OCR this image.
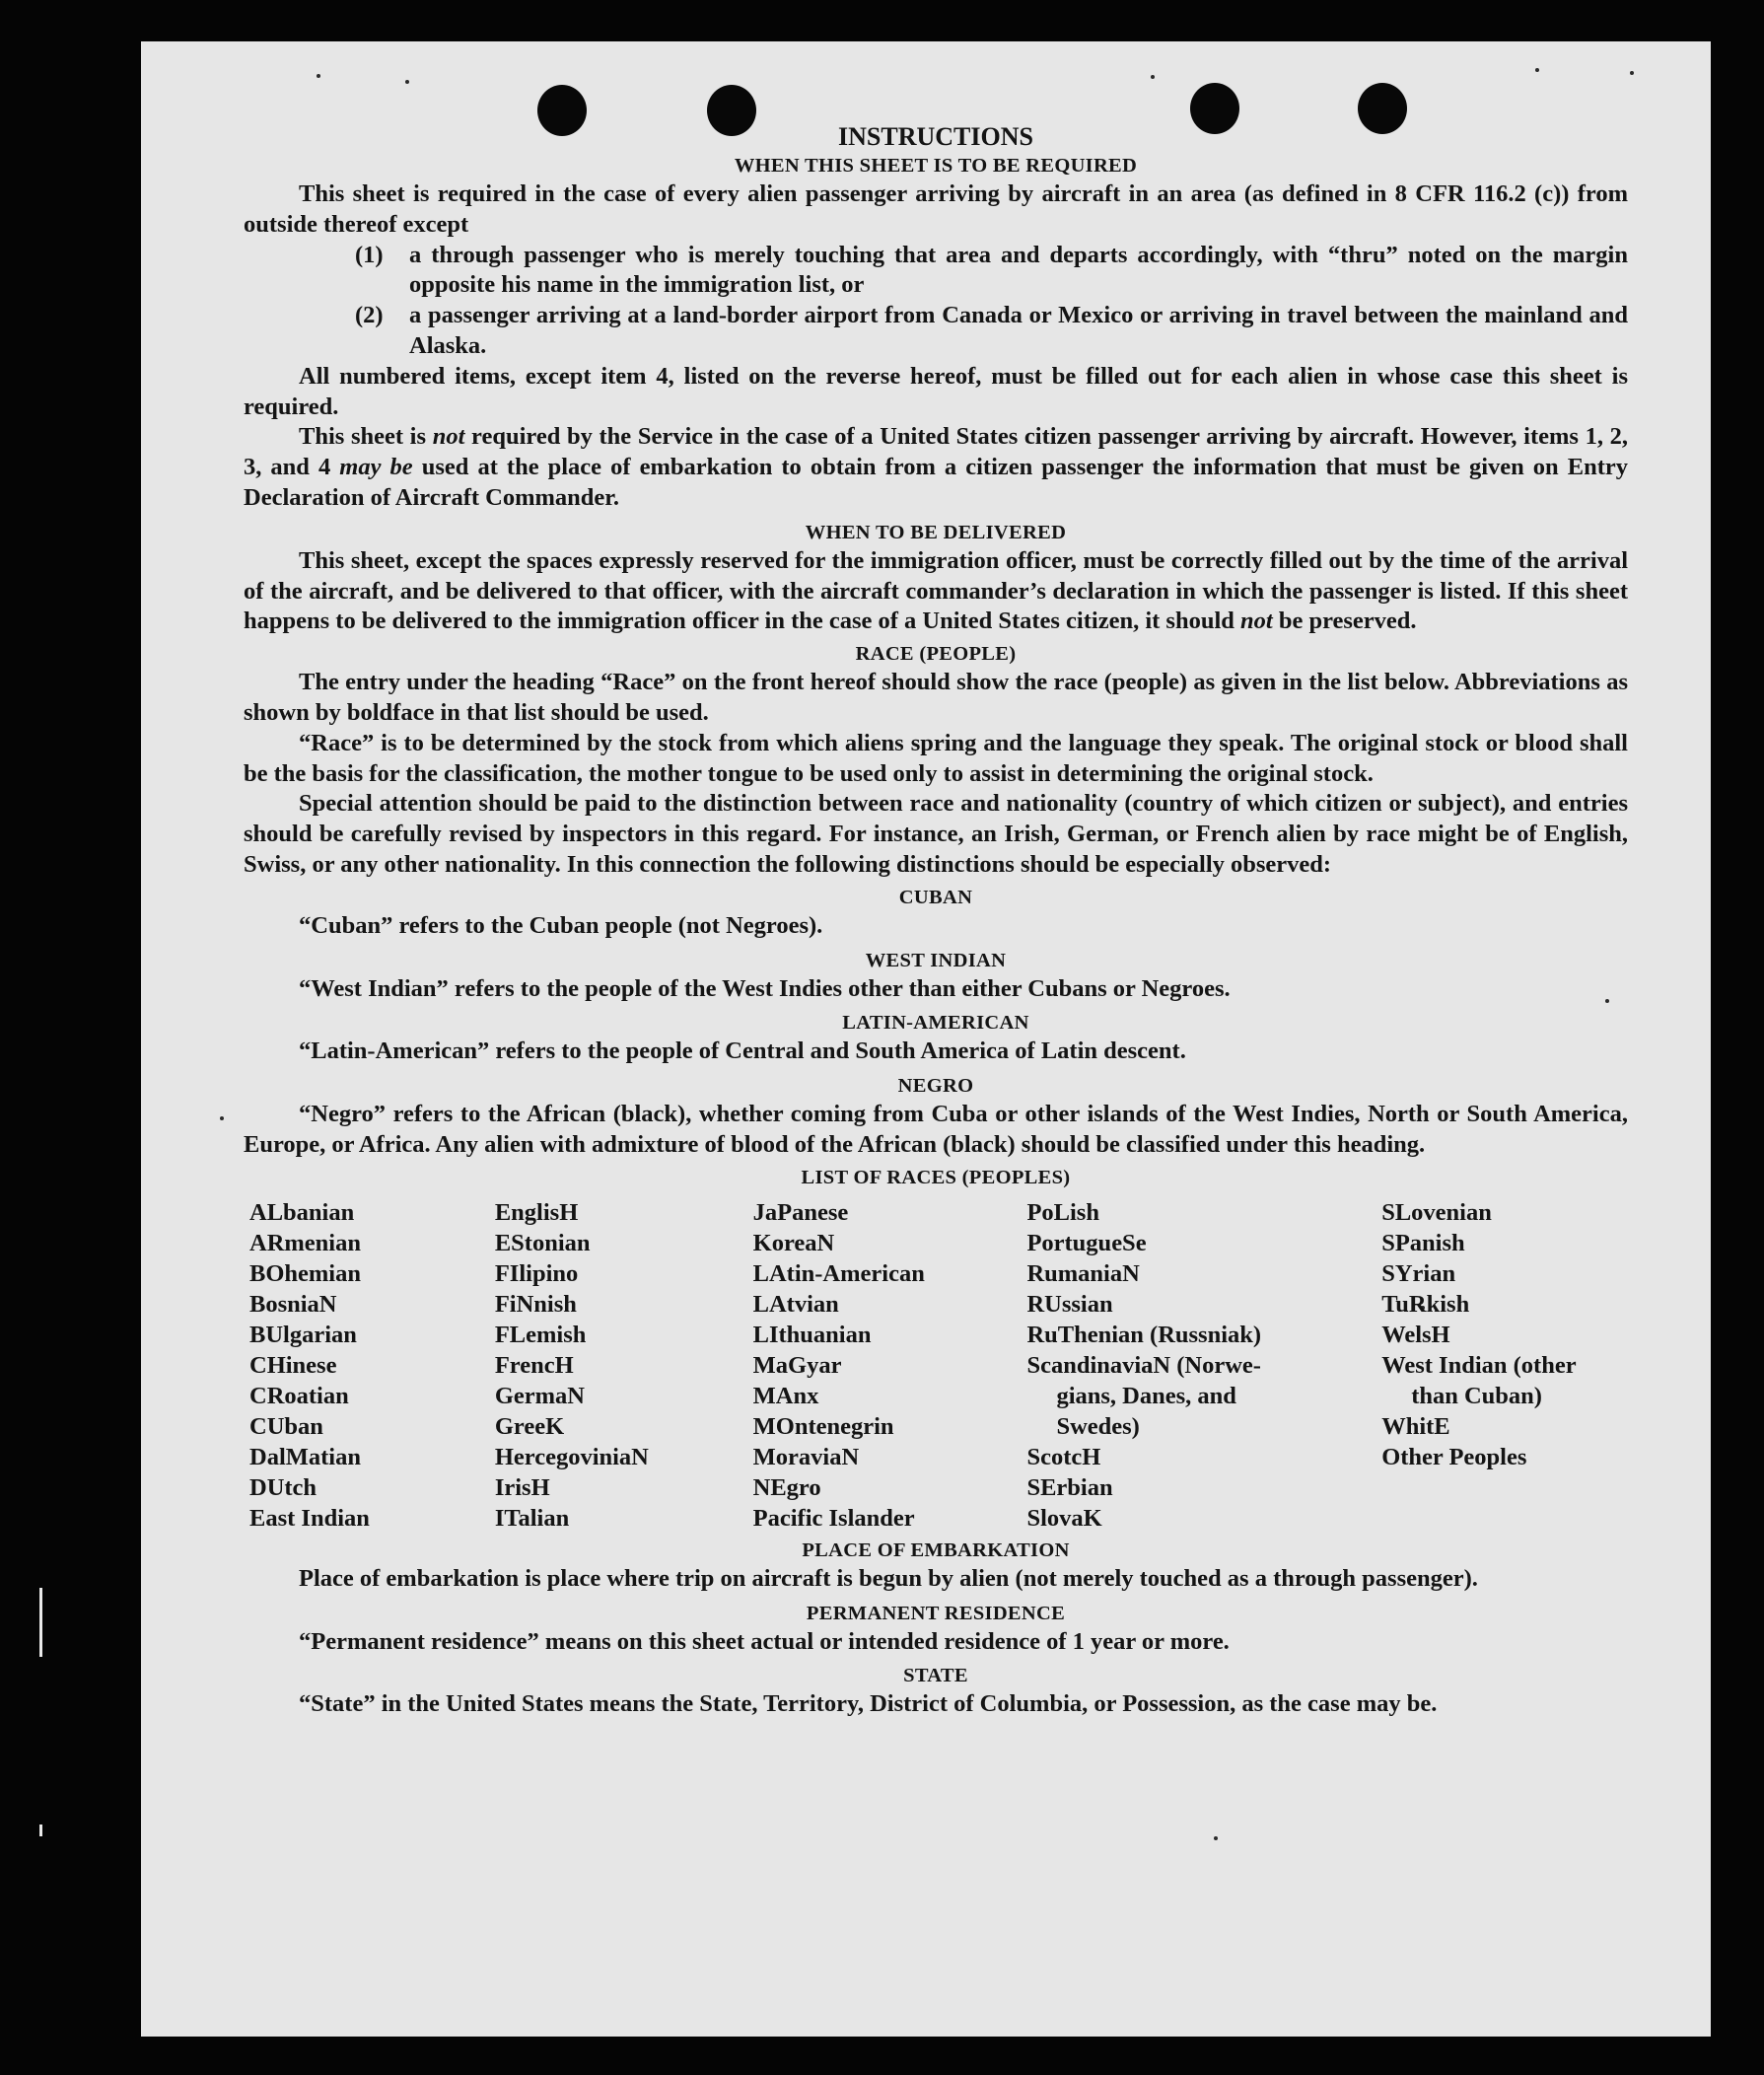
INSTRUCTIONS

WHEN THIS SHEET IS TO BE REQUIRED

This sheet is required in the case of every alien passenger arriving by aircraft in an area (as defined in 8 CFR 116.2 (c)) from outside thereof except

(1)	a through passenger who is merely touching that area and departs accordingly, with “thru” noted on the margin opposite his name in the immigration list, or
(2)	a passenger arriving at a land-border airport from Canada or Mexico or arriving in travel between the mainland and Alaska.

All numbered items, except item 4, listed on the reverse hereof, must be filled out for each alien in whose case this sheet is required.

This sheet is not required by the Service in the case of a United States citizen passenger arriving by aircraft. However, items 1, 2, 3, and 4 may be used at the place of embarkation to obtain from a citizen passenger the information that must be given on Entry Declaration of Aircraft Commander.

WHEN TO BE DELIVERED

This sheet, except the spaces expressly reserved for the immigration officer, must be correctly filled out by the time of the arrival of the aircraft, and be delivered to that officer, with the aircraft commander’s declaration in which the passenger is listed. If this sheet happens to be delivered to the immigration officer in the case of a United States citizen, it should not be preserved.

RACE (PEOPLE)

The entry under the heading “Race” on the front hereof should show the race (people) as given in the list below. Abbreviations as shown by boldface in that list should be used.

“Race” is to be determined by the stock from which aliens spring and the language they speak. The original stock or blood shall be the basis for the classification, the mother tongue to be used only to assist in determining the original stock.

Special attention should be paid to the distinction between race and nationality (country of which citizen or subject), and entries should be carefully revised by inspectors in this regard. For instance, an Irish, German, or French alien by race might be of English, Swiss, or any other nationality. In this connection the following distinctions should be especially observed:

CUBAN

“Cuban” refers to the Cuban people (not Negroes).

WEST INDIAN

“West Indian” refers to the people of the West Indies other than either Cubans or Negroes.

LATIN-AMERICAN

“Latin-American” refers to the people of Central and South America of Latin descent.

NEGRO

“Negro” refers to the African (black), whether coming from Cuba or other islands of the West Indies, North or South America, Europe, or Africa. Any alien with admixture of blood of the African (black) should be classified under this heading.

LIST OF RACES (PEOPLES)

ALbanian
ARmenian
BOhemian
BosniaN
BUlgarian
CHinese
CRoatian
CUban
DalMatian
DUtch
East Indian
EnglisH
EStonian
FIlipino
FiNnish
FLemish
FrencH
GermaN
GreeK
HercegoviniaN
IrisH
ITalian
JaPanese
KoreaN
LAtin-American
LAtvian
LIthuanian
MaGyar
MAnx
MOntenegrin
MoraviaN
NEgro
Pacific Islander
PoLish
PortugueSe
RumaniaN
RUssian
RuThenian (Russniak)
ScandinaviaN (Norwe-
gians, Danes, and
Swedes)
ScotcH
SErbian
SlovaK
SLovenian
SPanish
SYrian
TuRkish
WelsH
West Indian (other
than Cuban)
WhitE
Other Peoples

PLACE OF EMBARKATION

Place of embarkation is place where trip on aircraft is begun by alien (not merely touched as a through passenger).

PERMANENT RESIDENCE

“Permanent residence” means on this sheet actual or intended residence of 1 year or more.

STATE

“State” in the United States means the State, Territory, District of Columbia, or Possession, as the case may be.
